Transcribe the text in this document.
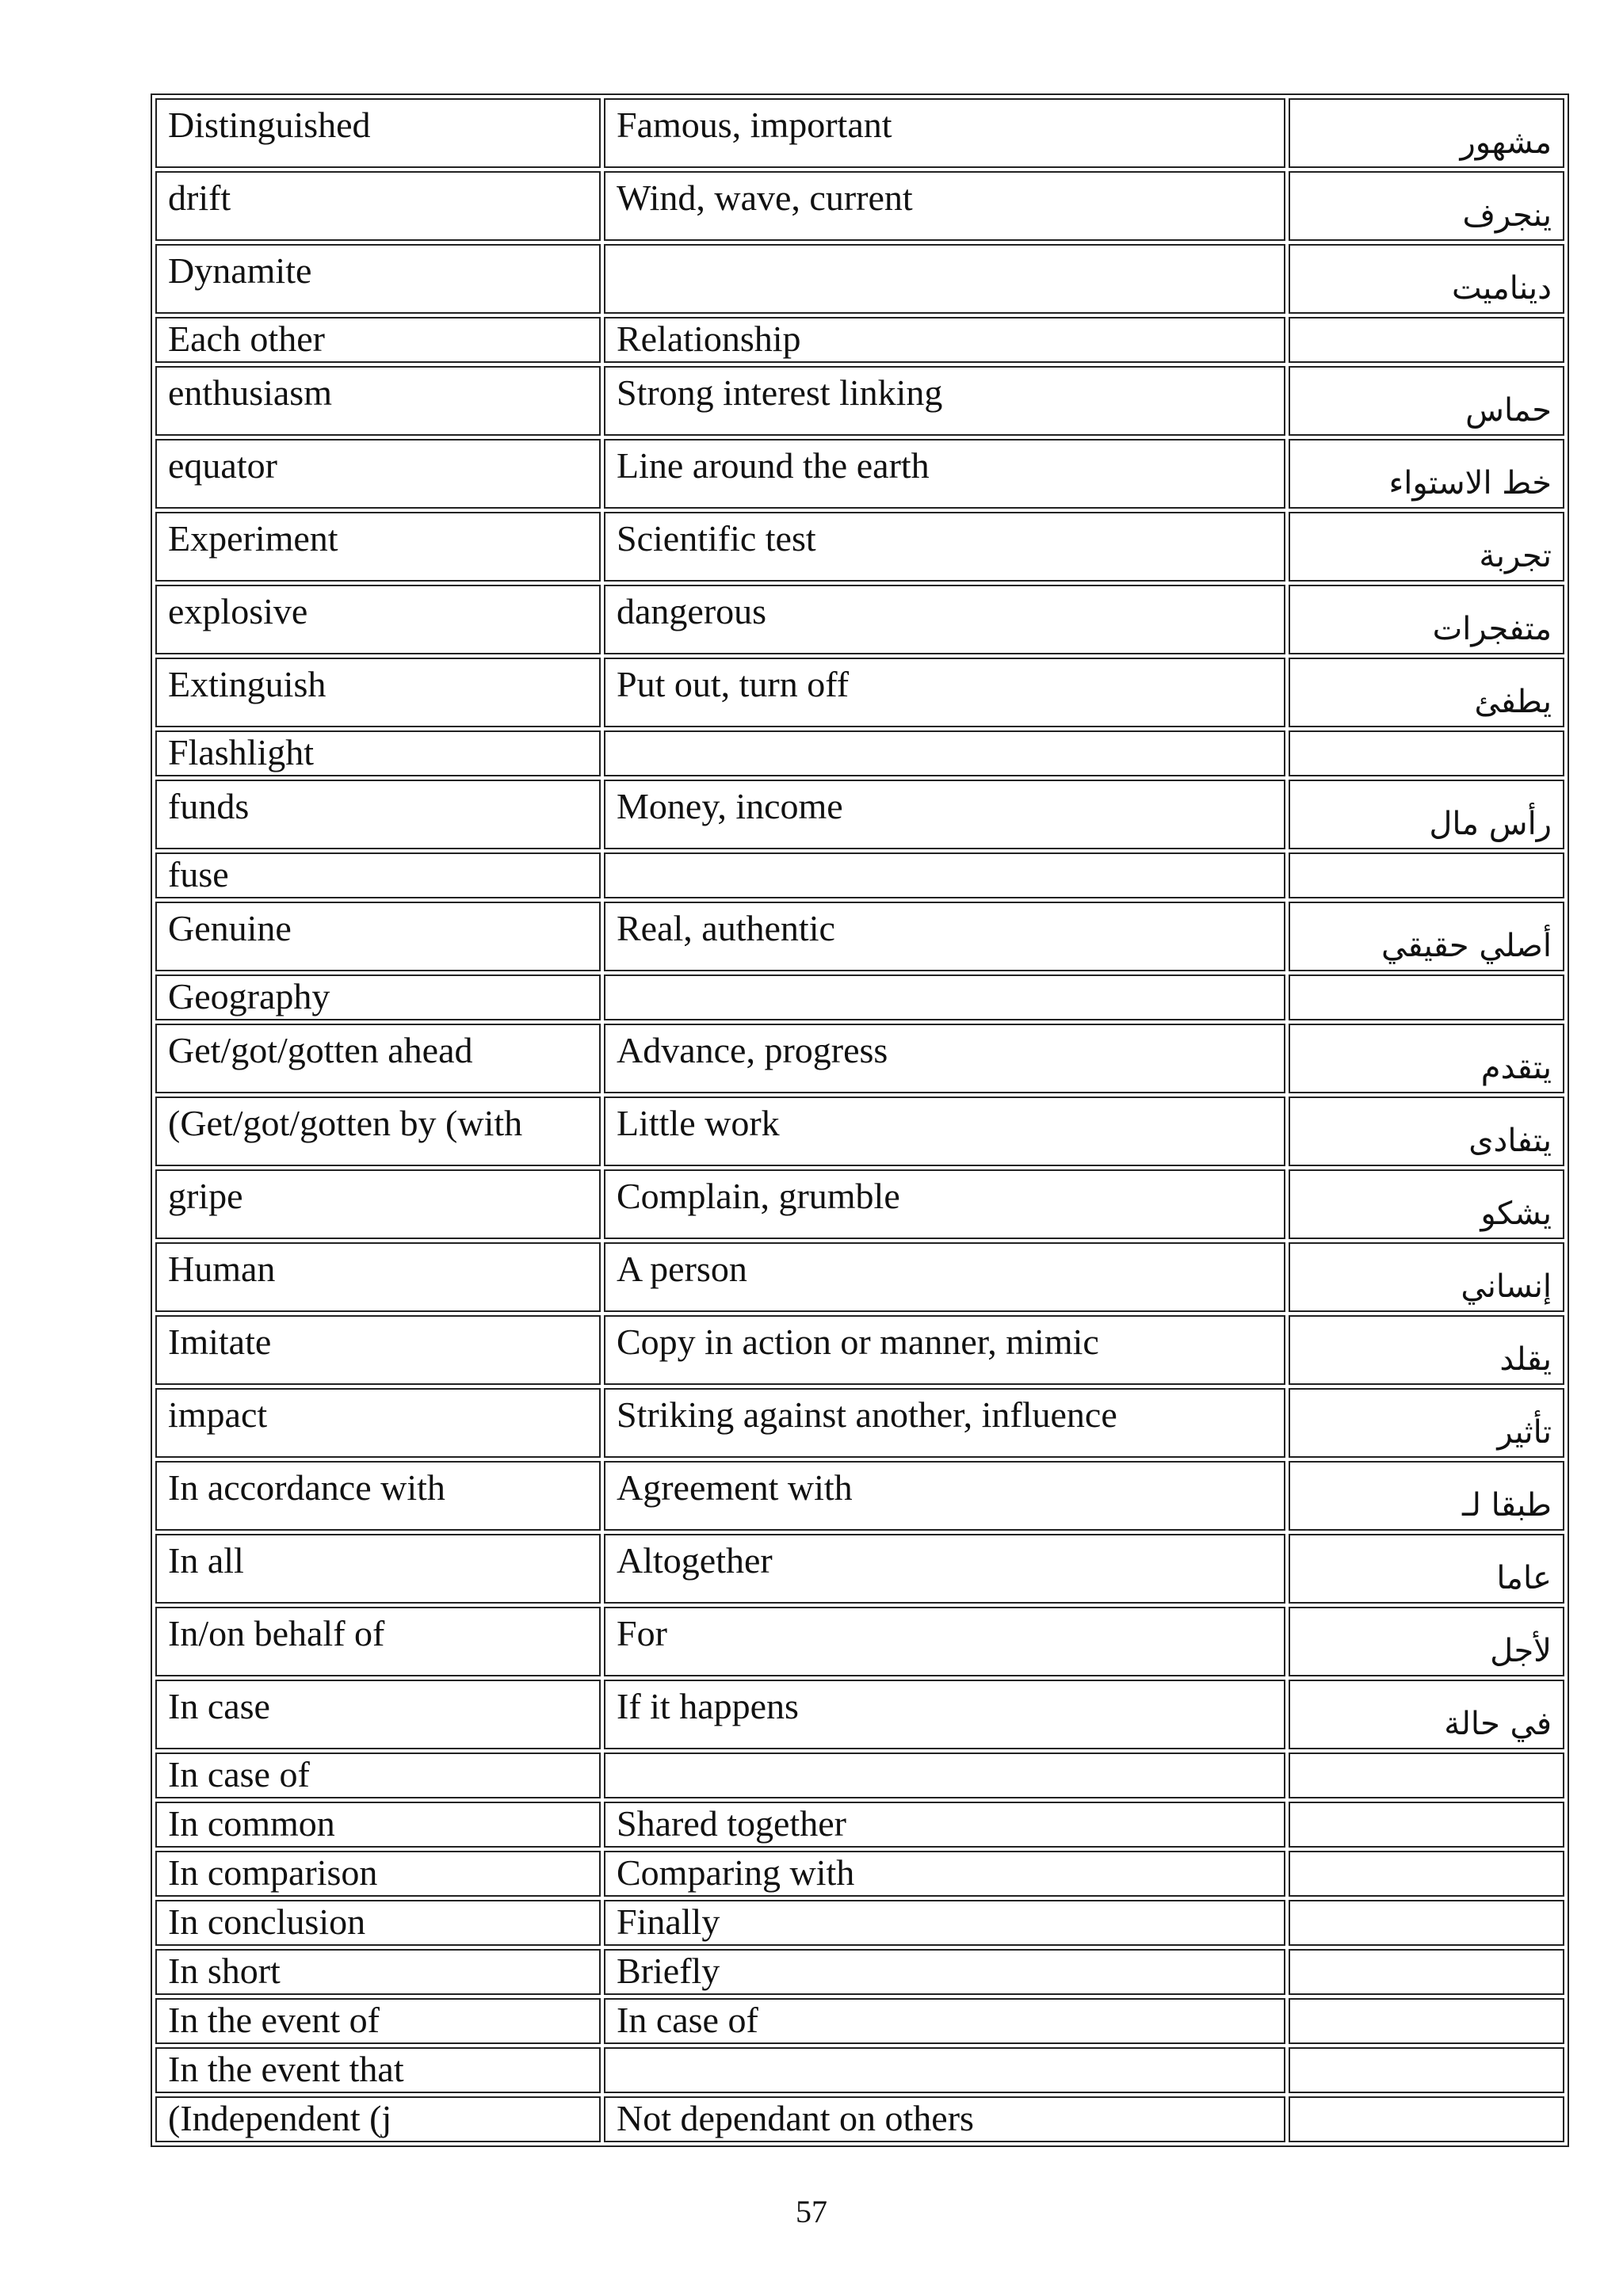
Distinguished	Famous, important	مشهور
drift	Wind, wave, current	ينجرف
Dynamite		ديناميت
Each other	Relationship	
enthusiasm	Strong interest linking	حماس
equator	Line around the earth	خط الاستواء
Experiment	Scientific test	تجربة
explosive	dangerous	متفجرات
Extinguish	Put out, turn off	يطفئ
Flashlight		
funds	Money, income	رأس مال
fuse		
Genuine	Real, authentic	أصلي حقيقي
Geography		
Get/got/gotten ahead	Advance, progress	يتقدم
(Get/got/gotten by (with	Little work	يتفادى
gripe	Complain, grumble	يشكو
Human	A person	إنساني
Imitate	Copy in action or manner, mimic	يقلد
impact	Striking against another, influence	تأثير
In accordance with	Agreement with	طبقا لـ
In all	Altogether	عاما
In/on behalf of	For	لأجل
In case	If it happens	في حالة
In case of		
In common	Shared together	
In comparison	Comparing with	
In conclusion	Finally	
In short	Briefly	
In the event of	In case of	
In the event that		
(Independent (j	Not dependant on others	
57
